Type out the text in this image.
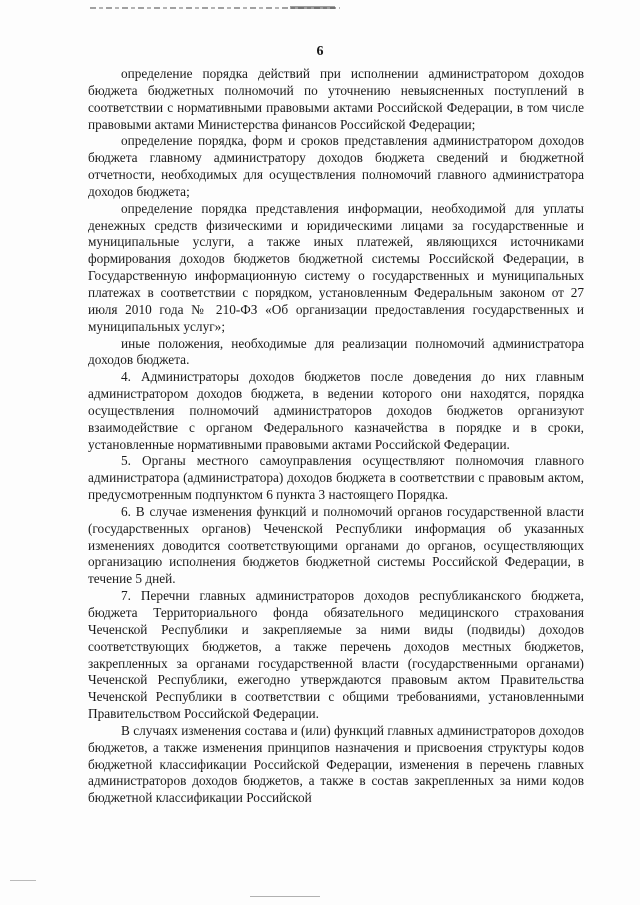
6

определение порядка действий при исполнении администратором доходов бюджета бюджетных полномочий по уточнению невыясненных поступлений в соответствии с нормативными правовыми актами Российской Федерации, в том числе правовыми актами Министерства финансов Российской Федерации;

определение порядка, форм и сроков представления администратором доходов бюджета главному администратору доходов бюджета сведений и бюджетной отчетности, необходимых для осуществления полномочий главного администратора доходов бюджета;

определение порядка представления информации, необходимой для уплаты денежных средств физическими и юридическими лицами за государственные и муниципальные услуги, а также иных платежей, являющихся источниками формирования доходов бюджетов бюджетной системы Российской Федерации, в Государственную информационную систему о государственных и муниципальных платежах в соответствии с порядком, установленным Федеральным законом от 27 июля 2010 года № 210-ФЗ «Об организации предоставления государственных и муниципальных услуг»;

иные положения, необходимые для реализации полномочий администратора доходов бюджета.

4. Администраторы доходов бюджетов после доведения до них главным администратором доходов бюджета, в ведении которого они находятся, порядка осуществления полномочий администраторов доходов бюджетов организуют взаимодействие с органом Федерального казначейства в порядке и в сроки, установленные нормативными правовыми актами Российской Федерации.

5. Органы местного самоуправления осуществляют полномочия главного администратора (администратора) доходов бюджета в соответствии с правовым актом, предусмотренным подпунктом 6 пункта 3 настоящего Порядка.

6. В случае изменения функций и полномочий органов государственной власти (государственных органов) Чеченской Республики информация об указанных изменениях доводится соответствующими органами до органов, осуществляющих организацию исполнения бюджетов бюджетной системы Российской Федерации, в течение 5 дней.

7. Перечни главных администраторов доходов республиканского бюджета, бюджета Территориального фонда обязательного медицинского страхования Чеченской Республики и закрепляемые за ними виды (подвиды) доходов соответствующих бюджетов, а также перечень доходов местных бюджетов, закрепленных за органами государственной власти (государственными органами) Чеченской Республики, ежегодно утверждаются правовым актом Правительства Чеченской Республики в соответствии с общими требованиями, установленными Правительством Российской Федерации.

В случаях изменения состава и (или) функций главных администраторов доходов бюджетов, а также изменения принципов назначения и присвоения структуры кодов бюджетной классификации Российской Федерации, изменения в перечень главных администраторов доходов бюджетов, а также в состав закрепленных за ними кодов бюджетной классификации Российской
